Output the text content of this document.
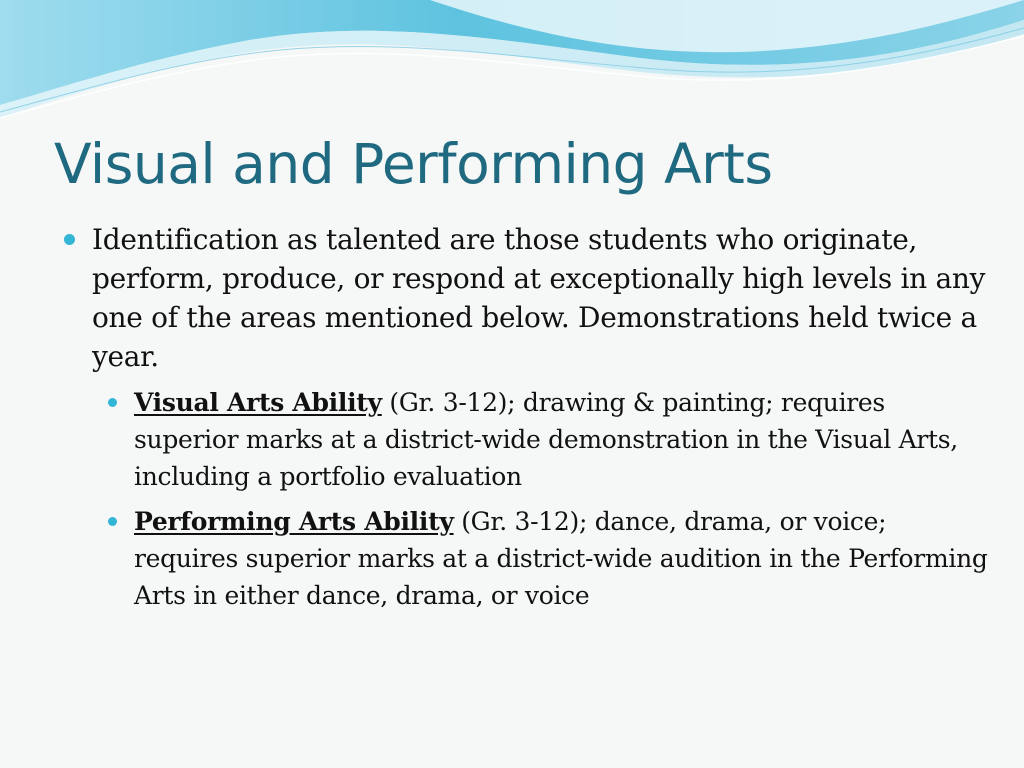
Visual and Performing Arts
Identification as talented are those students who originate, perform, produce, or respond at exceptionally high levels in any one of the areas mentioned below. Demonstrations held twice a year.
Visual Arts Ability (Gr. 3-12); drawing & painting; requires superior marks at a district-wide demonstration in the Visual Arts, including a portfolio evaluation
Performing Arts Ability (Gr. 3-12); dance, drama, or voice; requires superior marks at a district-wide audition in the Performing Arts in either dance, drama, or voice
